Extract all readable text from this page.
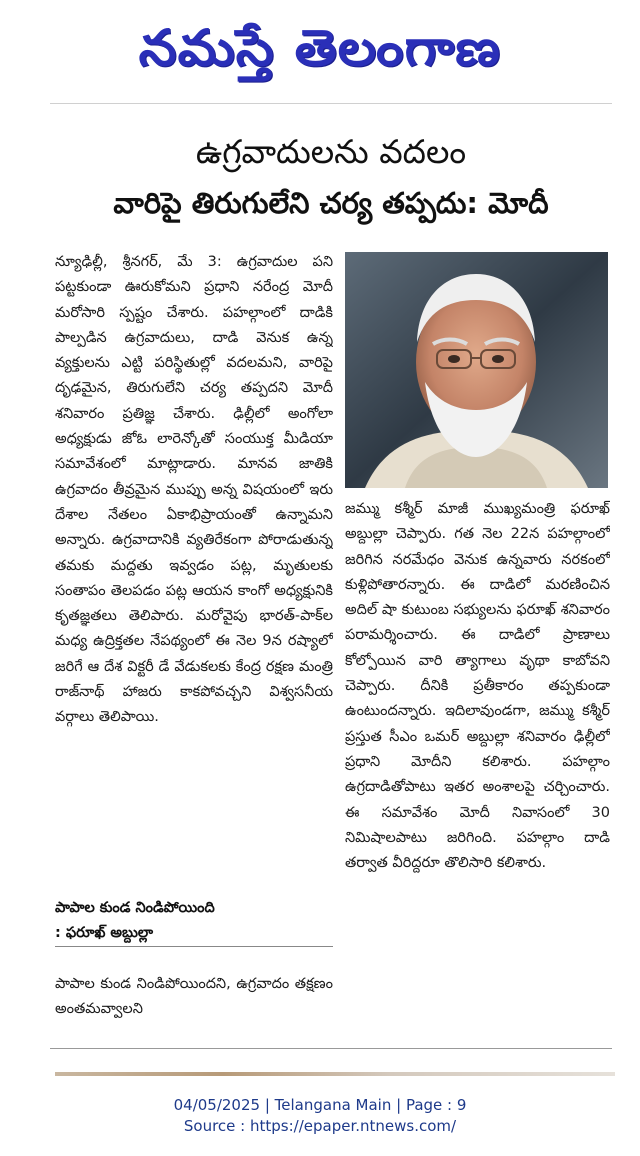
నమస్తే తెలంగాణ
ఉగ్రవాదులను వదలం
వారిపై తిరుగులేని చర్య తప్పదు: మోదీ

న్యూఢిల్లీ, శ్రీనగర్, మే 3: ఉగ్రవాదుల పని పట్టకుండా ఊరుకోమని ప్రధాని నరేంద్ర మోదీ మరోసారి స్పష్టం చేశారు. పహల్గాంలో దాడికి పాల్పడిన ఉగ్రవాదులు, దాడి వెనుక ఉన్న వ్యక్తులను ఎట్టి పరిస్థితుల్లో వదలమని, వారిపై దృఢమైన, తిరుగులేని చర్య తప్పదని మోదీ శనివారం ప్రతిజ్ఞ చేశారు. ఢిల్లీలో అంగోలా అధ్యక్షుడు జోఓ లారెన్కోతో సంయుక్త మీడియా సమావేశంలో మాట్లాడారు. మానవ జాతికి ఉగ్రవాదం తీవ్రమైన ముప్పు అన్న విషయంలో ఇరు దేశాల నేతలం ఏకాభిప్రాయంతో ఉన్నామని అన్నారు. ఉగ్రవాదానికి వ్యతిరేకంగా పోరాడుతున్న తమకు మద్దతు ఇవ్వడం పట్ల, మృతులకు సంతాపం తెలపడం పట్ల ఆయన కాంగో అధ్యక్షునికి కృతజ్ఞతలు తెలిపారు. మరోవైపు భారత్-పాక్‌ల మధ్య ఉద్రిక్తతల నేపథ్యంలో ఈ నెల 9న రష్యాలో జరిగే ఆ దేశ విక్టరీ డే వేడుకలకు కేంద్ర రక్షణ మంత్రి రాజ్‌నాథ్ హాజరు కాకపోవచ్చని విశ్వసనీయ వర్గాలు తెలిపాయి.

పాపాల కుండ నిండిపోయింది
: ఫరూఖ్ అబ్దుల్లా

పాపాల కుండ నిండిపోయిందని, ఉగ్రవాదం తక్షణం అంతమవ్వాలని

జమ్ము కశ్మీర్ మాజీ ముఖ్యమంత్రి ఫరూఖ్ అబ్దుల్లా చెప్పారు. గత నెల 22న పహల్గాంలో జరిగిన నరమేధం వెనుక ఉన్నవారు నరకంలో కుళ్లిపోతారన్నారు. ఈ దాడిలో మరణించిన అదిల్ షా కుటుంబ సభ్యులను ఫరూఖ్ శనివారం పరామర్శించారు. ఈ దాడిలో ప్రాణాలు కోల్పోయిన వారి త్యాగాలు వృథా కాబోవని చెప్పారు. దీనికి ప్రతీకారం తప్పకుండా ఉంటుందన్నారు. ఇదిలావుండగా, జమ్ము కశ్మీర్ ప్రస్తుత సీఎం ఒమర్ అబ్దుల్లా శనివారం ఢిల్లీలో ప్రధాని మోదీని కలిశారు. పహల్గాం ఉగ్రదాడితోపాటు ఇతర అంశాలపై చర్చించారు. ఈ సమావేశం మోదీ నివాసంలో 30 నిమిషాలపాటు జరిగింది. పహల్గాం దాడి తర్వాత వీరిద్దరూ తొలిసారి కలిశారు.

04/05/2025 | Telangana Main | Page : 9
Source : https://epaper.ntnews.com/
